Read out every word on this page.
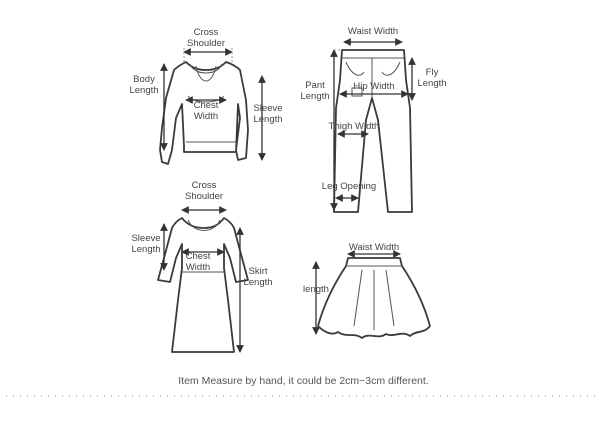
Cross Shoulder
Body Length
Chest Width
Sleeve Length
Waist Width
Pant Length
Fly Length
Hip Width
Thigh Width
Leg Opening
Cross Shoulder
Sleeve Length
Chest Width	Skirt Length
Waist Width
length
Item Measure by hand, it could be 2cm~3cm different.
